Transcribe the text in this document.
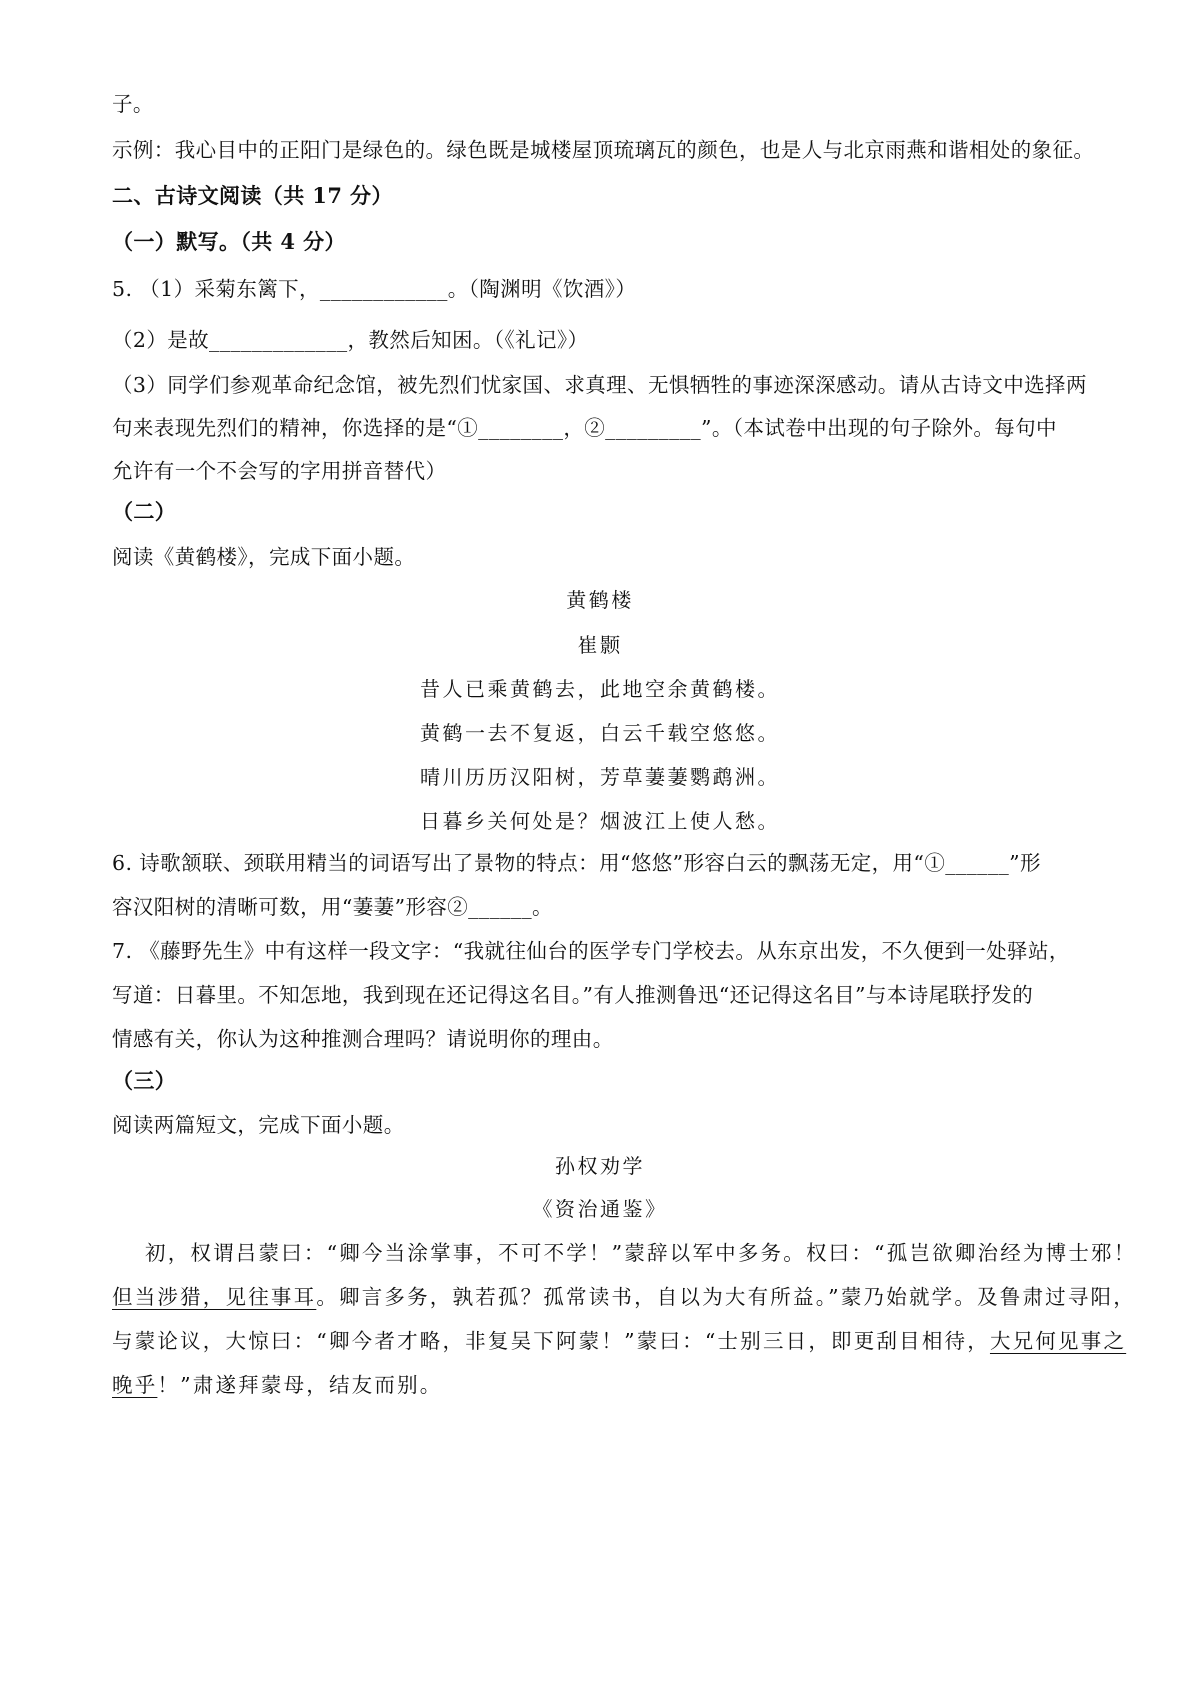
子。
示例：我心目中的正阳门是绿色的。绿色既是城楼屋顶琉璃瓦的颜色，也是人与北京雨燕和谐相处的象征。
二、古诗文阅读（共 17 分）
（一）默写。（共 4 分）
5. （1）采菊东篱下，____________。（陶渊明《饮酒》）
（2）是故_____________，教然后知困。（《礼记》）
（3）同学们参观革命纪念馆，被先烈们忧家国、求真理、无惧牺牲的事迹深深感动。请从古诗文中选择两
句来表现先烈们的精神，你选择的是“①________，②_________”。（本试卷中出现的句子除外。每句中
允许有一个不会写的字用拼音替代）
（二）
阅读《黄鹤楼》，完成下面小题。
黄鹤楼
崔颢
昔人已乘黄鹤去，此地空余黄鹤楼。
黄鹤一去不复返，白云千载空悠悠。
晴川历历汉阳树，芳草萋萋鹦鹉洲。
日暮乡关何处是？烟波江上使人愁。
6. 诗歌颔联、颈联用精当的词语写出了景物的特点：用“悠悠”形容白云的飘荡无定，用“①______”形
容汉阳树的清晰可数，用“萋萋”形容②______。
7. 《藤野先生》中有这样一段文字：“我就往仙台的医学专门学校去。从东京出发，不久便到一处驿站，
写道：日暮里。不知怎地，我到现在还记得这名目。”有人推测鲁迅“还记得这名目”与本诗尾联抒发的
情感有关，你认为这种推测合理吗？请说明你的理由。
（三）
阅读两篇短文，完成下面小题。
孙权劝学
《资治通鉴》
初，权谓吕蒙曰：“卿今当涂掌事，不可不学！”蒙辞以军中多务。权曰：“孤岂欲卿治经为博士邪！
但当涉猎，见往事耳。卿言多务，孰若孤？孤常读书，自以为大有所益。”蒙乃始就学。及鲁肃过寻阳，
与蒙论议，大惊曰：“卿今者才略，非复吴下阿蒙！”蒙曰：“士别三日，即更刮目相待，大兄何见事之
晚乎！”肃遂拜蒙母，结友而别。
